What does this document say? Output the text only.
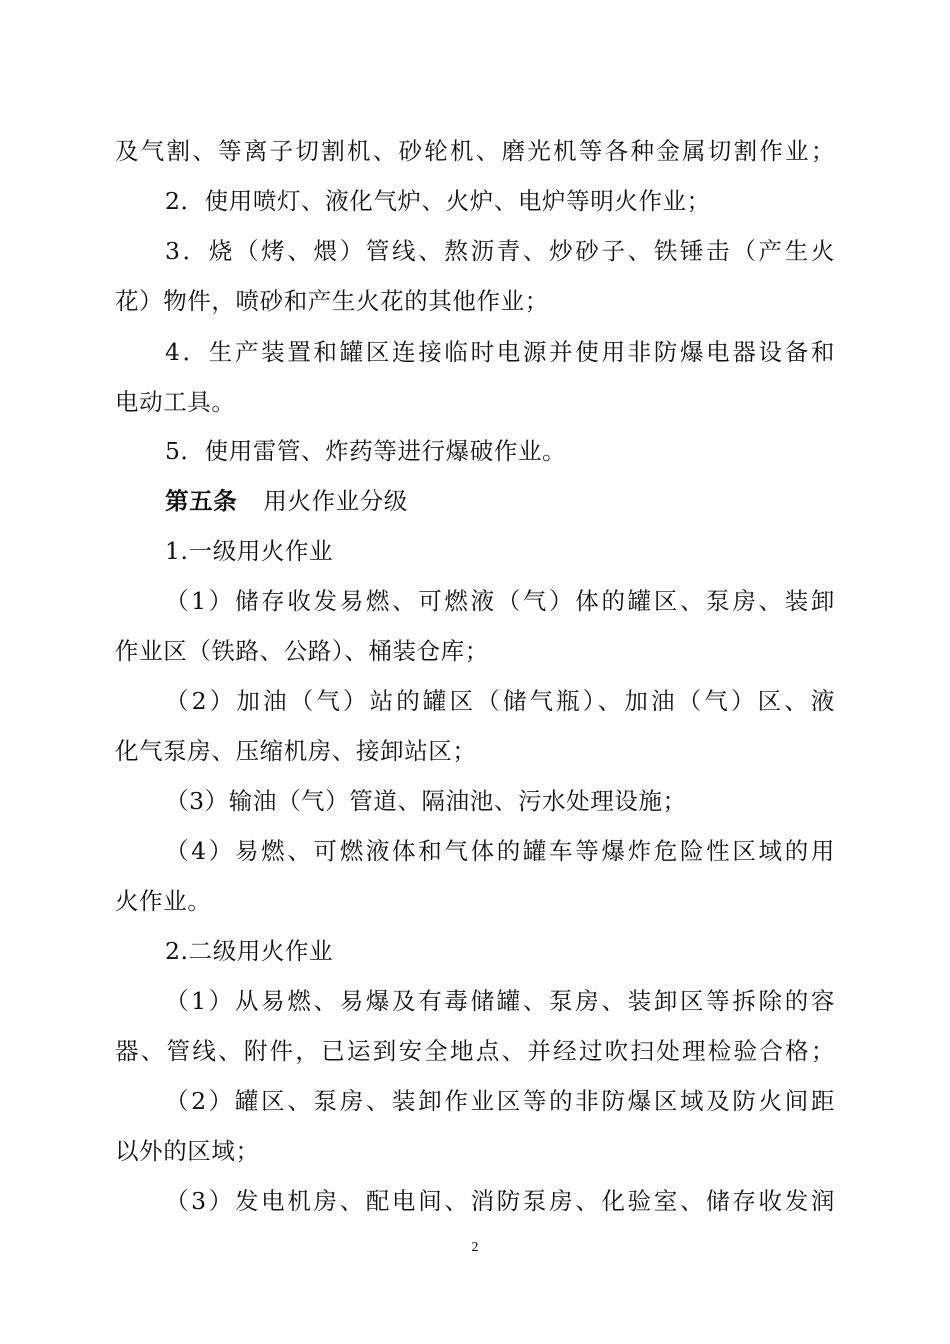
及气割、等离子切割机、砂轮机、磨光机等各种金属切割作业；
2．使用喷灯、液化气炉、火炉、电炉等明火作业；
3．烧（烤、煨）管线、熬沥青、炒砂子、铁锤击（产生火
花）物件，喷砂和产生火花的其他作业；
4．生产装置和罐区连接临时电源并使用非防爆电器设备和
电动工具。
5．使用雷管、炸药等进行爆破作业。
第五条 用火作业分级
1.一级用火作业
（1）储存收发易燃、可燃液（气）体的罐区、泵房、装卸
作业区（铁路、公路）、桶装仓库；
（2）加油（气）站的罐区（储气瓶）、加油（气）区、液
化气泵房、压缩机房、接卸站区；
（3）输油（气）管道、隔油池、污水处理设施；
（4）易燃、可燃液体和气体的罐车等爆炸危险性区域的用
火作业。
2.二级用火作业
（1）从易燃、易爆及有毒储罐、泵房、装卸区等拆除的容
器、管线、附件，已运到安全地点、并经过吹扫处理检验合格；
（2）罐区、泵房、装卸作业区等的非防爆区域及防火间距
以外的区域；
（3）发电机房、配电间、消防泵房、化验室、储存收发润
2
